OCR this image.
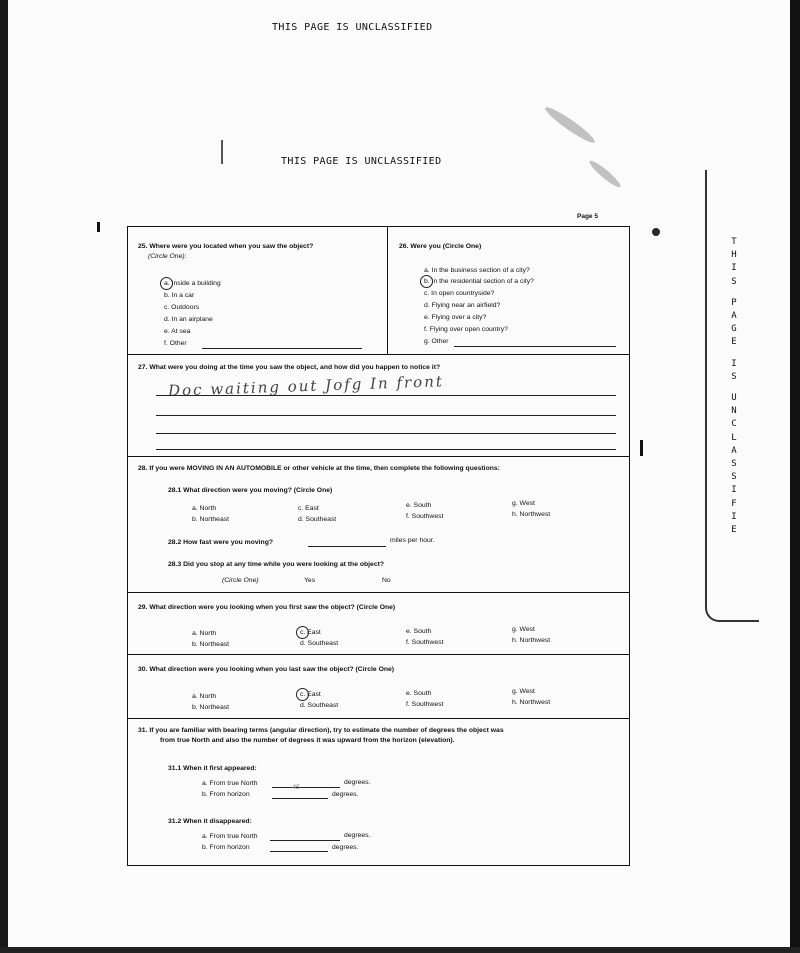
THIS PAGE IS UNCLASSIFIED
THIS PAGE IS UNCLASSIFIED
T
H
I
S
P
A
G
E
I
S
U
N
C
L
A
S
S
I
F
I
E
Page 5
25. Where were you located when you saw the object?
(Circle One):
a. Inside a building
b. In a car
c. Outdoors
d. In an airplane
e. At sea
f. Other
26. Were you (Circle One)
a. In the business section of a city?
b. In the residential section of a city?
c. In open countryside?
d. Flying near an airfield?
e. Flying over a city?
f. Flying over open country?
g. Other
27. What were you doing at the time you saw the object, and how did you happen to notice it?
Doc waiting out Jofg In front
28. If you were MOVING IN AN AUTOMOBILE or other vehicle at the time, then complete the following questions:
28.1 What direction were you moving? (Circle One)
a. North
b. Northeast
c. East
d. Southeast
e. South
f. Southwest
g. West
h. Northwest
28.2 How fast were you moving?	miles per hour.
28.3 Did you stop at any time while you were looking at the object?
(Circle One)	Yes	No
29. What direction were you looking when you first saw the object? (Circle One)
a. North
b. Northeast
c. East
d. Southeast
e. South
f. Southwest
g. West
h. Northwest
30. What direction were you looking when you last saw the object? (Circle One)
a. North
b. Northeast
c. East
d. Southeast
e. South
f. Southwest
g. West
h. Northwest
31. If you are familiar with bearing terms (angular direction), try to estimate the number of degrees the object was
from true North and also the number of degrees it was upward from the horizon (elevation).
31.1 When it first appeared:
a. From true North	degrees.
b. From horizon
45
degrees.
31.2 When it disappeared:
a. From true North	degrees.
b. From horizon	degrees.
